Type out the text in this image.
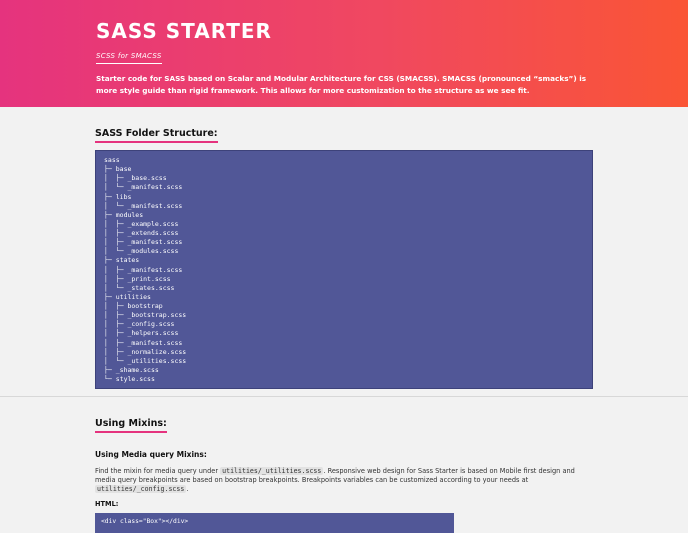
SASS STARTER
SCSS for SMACSS

Starter code for SASS based on Scalar and Modular Architecture for CSS (SMACSS). SMACSS (pronounced “smacks”) is more style guide than rigid framework. This allows for more customization to the structure as we see fit.

SASS Folder Structure:
sass
├─ base
│  ├─ _base.scss
│  └─ _manifest.scss
├─ libs
│  └─ _manifest.scss
├─ modules
│  ├─ _example.scss
│  ├─ _extends.scss
│  ├─ _manifest.scss
│  └─ _modules.scss
├─ states
│  ├─ _manifest.scss
│  ├─ _print.scss
│  └─ _states.scss
├─ utilities
│  ├─ bootstrap
│  ├─ _bootstrap.scss
│  ├─ _config.scss
│  ├─ _helpers.scss
│  ├─ _manifest.scss
│  ├─ _normalize.scss
│  └─ _utilities.scss
├─ _shame.scss
└─ style.scss
Using Mixins:
Using Media query Mixins:

Find the mixin for media query under utilities/_utilities.scss . Responsive web design for Sass Starter is based on Mobile first design and media query breakpoints are based on bootstrap breakpoints. Breakpoints variables can be customized according to your needs at utilities/_config.scss .

HTML:
<div class="Box"></div>
